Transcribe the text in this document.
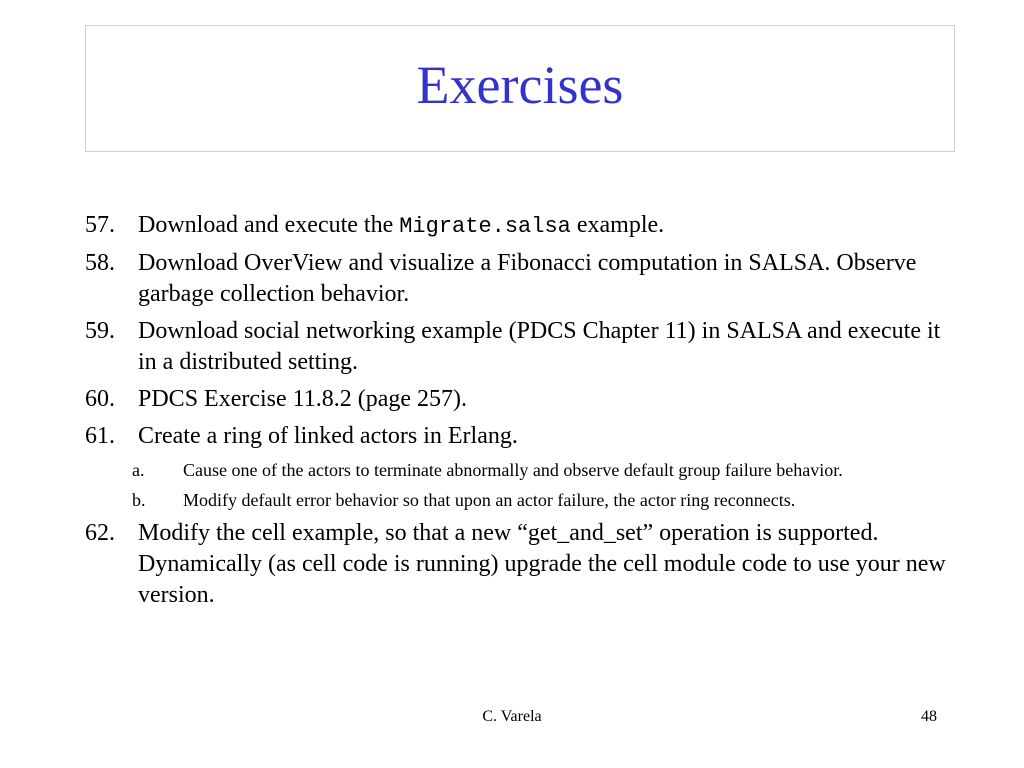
Exercises
57. Download and execute the Migrate.salsa example.
58. Download OverView and visualize a Fibonacci computation in SALSA. Observe garbage collection behavior.
59. Download social networking example (PDCS Chapter 11) in SALSA and execute it in a distributed setting.
60. PDCS Exercise 11.8.2 (page 257).
61. Create a ring of linked actors in Erlang.
a. Cause one of the actors to terminate abnormally and observe default group failure behavior.
b. Modify default error behavior so that upon an actor failure, the actor ring reconnects.
62. Modify the cell example, so that a new “get_and_set” operation is supported. Dynamically (as cell code is running) upgrade the cell module code to use your new version.
C. Varela	48
